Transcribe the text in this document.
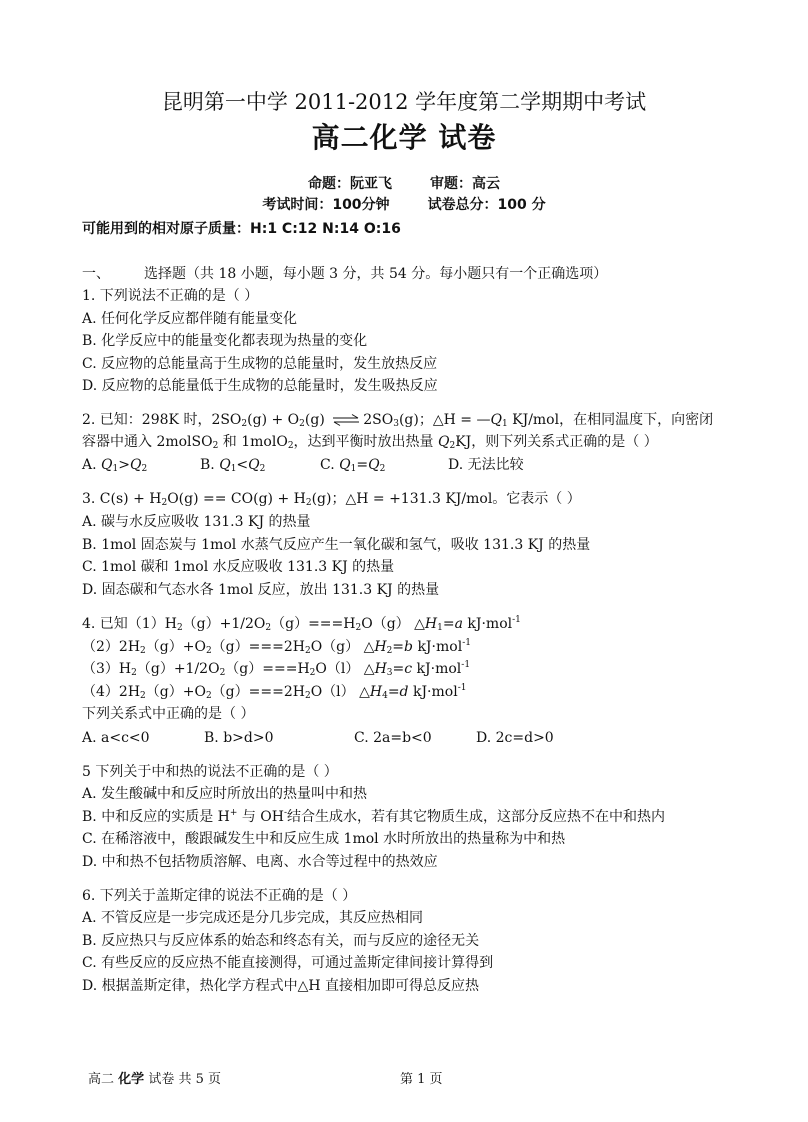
昆明第一中学 2011-2012 学年度第二学期期中考试
高二化学 试卷
命题：阮亚飞	审题：高云
考试时间：100分钟	试卷总分：100 分
可能用到的相对原子质量：H:1 C:12 N:14 O:16
一、 选择题（共 18 小题，每小题 3 分，共 54 分。每小题只有一个正确选项）
1. 下列说法不正确的是（ ）
A. 任何化学反应都伴随有能量变化
B. 化学反应中的能量变化都表现为热量的变化
C. 反应物的总能量高于生成物的总能量时，发生放热反应
D. 反应物的总能量低于生成物的总能量时，发生吸热反应
2. 已知：298K 时，$2SO_2(g) + O_2(g)$ ⇌ $2SO_3(g)$；△H = $—Q_1$ KJ/mol，在相同温度下，向密闭
容器中通入 2molSO$_2$ 和 1molO$_2$，达到平衡时放出热量 $Q_2KJ$，则下列关系式正确的是（ ）
A. $Q_1>Q_2$	B. $Q_1<Q_2$	C. $Q_1=Q_2$	D. 无法比较
3. $C(s) + H_2O(g) == CO(g) + H_2(g)$；△H = +131.3 KJ/mol。它表示（ ）
A. 碳与水反应吸收 131.3 KJ 的热量
B. 1mol 固态炭与 1mol 水蒸气反应产生一氧化碳和氢气，吸收 131.3 KJ 的热量
C. 1mol 碳和 1mol 水反应吸收 131.3 KJ 的热量
D. 固态碳和气态水各 1mol 反应，放出 131.3 KJ 的热量
4. 已知$(1)H_2(g)+1/2O_2(g)===H_2O(g)$ $\triangle H_1=a$ kJ·mol$^{-1}$
$(2)2H_2(g)+O_2(g)===2H_2O(g)$ $\triangle H_2=b$ kJ·mol$^{-1}$
$(3)H_2(g)+1/2O_2(g)===H_2O(l)$ $\triangle H_3=c$ kJ·mol$^{-1}$
$(4)2H_2(g)+O_2(g)===2H_2O(l)$ $\triangle H_4=d$ kJ·mol$^{-1}$
下列关系式中正确的是（ ）
A. a<c<0	B. b>d>0	C. 2a=b<0	D. 2c=d>0
5 下列关于中和热的说法不正确的是（ ）
A. 发生酸碱中和反应时所放出的热量叫中和热
B. 中和反应的实质是 H+ 与 OH-结合生成水，若有其它物质生成，这部分反应热不在中和热内
C. 在稀溶液中，酸跟碱发生中和反应生成 1mol 水时所放出的热量称为中和热
D. 中和热不包括物质溶解、电离、水合等过程中的热效应
6. 下列关于盖斯定律的说法不正确的是（ ）
A. 不管反应是一步完成还是分几步完成，其反应热相同
B. 反应热只与反应体系的始态和终态有关，而与反应的途径无关
C. 有些反应的反应热不能直接测得，可通过盖斯定律间接计算得到
D. 根据盖斯定律，热化学方程式中△H 直接相加即可得总反应热
高二 化学 试卷 共 5 页	第 1 页
